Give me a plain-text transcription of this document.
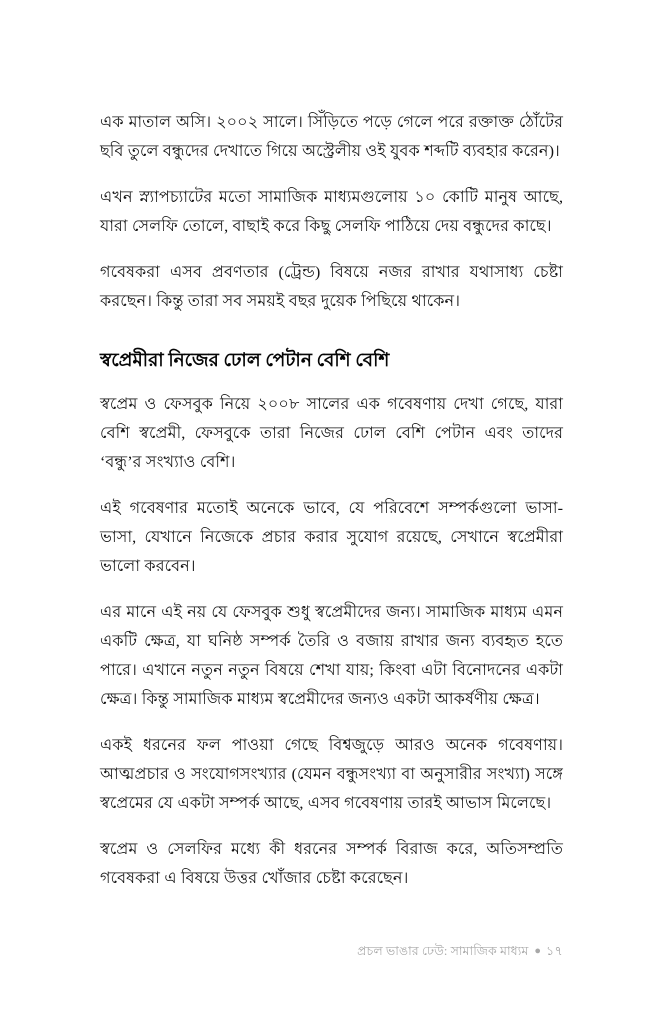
এক মাতাল অসি। ২০০২ সালে। সিঁড়িতে পড়ে গেলে পরে রক্তাক্ত ঠোঁটের ছবি তুলে বন্ধুদের দেখাতে গিয়ে অস্ট্রেলীয় ওই যুবক শব্দটি ব্যবহার করেন)।

এখন স্ন্যাপচ্যাটের মতো সামাজিক মাধ্যমগুলোয় ১০ কোটি মানুষ আছে, যারা সেলফি তোলে, বাছাই করে কিছু সেলফি পাঠিয়ে দেয় বন্ধুদের কাছে।

গবেষকরা এসব প্রবণতার (ট্রেন্ড) বিষয়ে নজর রাখার যথাসাধ্য চেষ্টা করছেন। কিন্তু তারা সব সময়ই বছর দুয়েক পিছিয়ে থাকেন।

স্বপ্রেমীরা নিজের ঢোল পেটান বেশি বেশি

স্বপ্রেম ও ফেসবুক নিয়ে ২০০৮ সালের এক গবেষণায় দেখা গেছে, যারা বেশি স্বপ্রেমী, ফেসবুকে তারা নিজের ঢোল বেশি পেটান এবং তাদের ‘বন্ধু’র সংখ্যাও বেশি।

এই গবেষণার মতোই অনেকে ভাবে, যে পরিবেশে সম্পর্কগুলো ভাসা-ভাসা, যেখানে নিজেকে প্রচার করার সুযোগ রয়েছে, সেখানে স্বপ্রেমীরা ভালো করবেন।

এর মানে এই নয় যে ফেসবুক শুধু স্বপ্রেমীদের জন্য। সামাজিক মাধ্যম এমন একটি ক্ষেত্র, যা ঘনিষ্ঠ সম্পর্ক তৈরি ও বজায় রাখার জন্য ব্যবহৃত হতে পারে। এখানে নতুন নতুন বিষয়ে শেখা যায়; কিংবা এটা বিনোদনের একটা ক্ষেত্র। কিন্তু সামাজিক মাধ্যম স্বপ্রেমীদের জন্যও একটা আকর্ষণীয় ক্ষেত্র।

একই ধরনের ফল পাওয়া গেছে বিশ্বজুড়ে আরও অনেক গবেষণায়। আত্মপ্রচার ও সংযোগসংখ্যার (যেমন বন্ধুসংখ্যা বা অনুসারীর সংখ্যা) সঙ্গে স্বপ্রেমের যে একটা সম্পর্ক আছে, এসব গবেষণায় তারই আভাস মিলেছে।

স্বপ্রেম ও সেলফির মধ্যে কী ধরনের সম্পর্ক বিরাজ করে, অতিসম্প্রতি গবেষকরা এ বিষয়ে উত্তর খোঁজার চেষ্টা করেছেন।

প্রচল ভাঙার ঢেউ: সামাজিক মাধ্যম ● ১৭
